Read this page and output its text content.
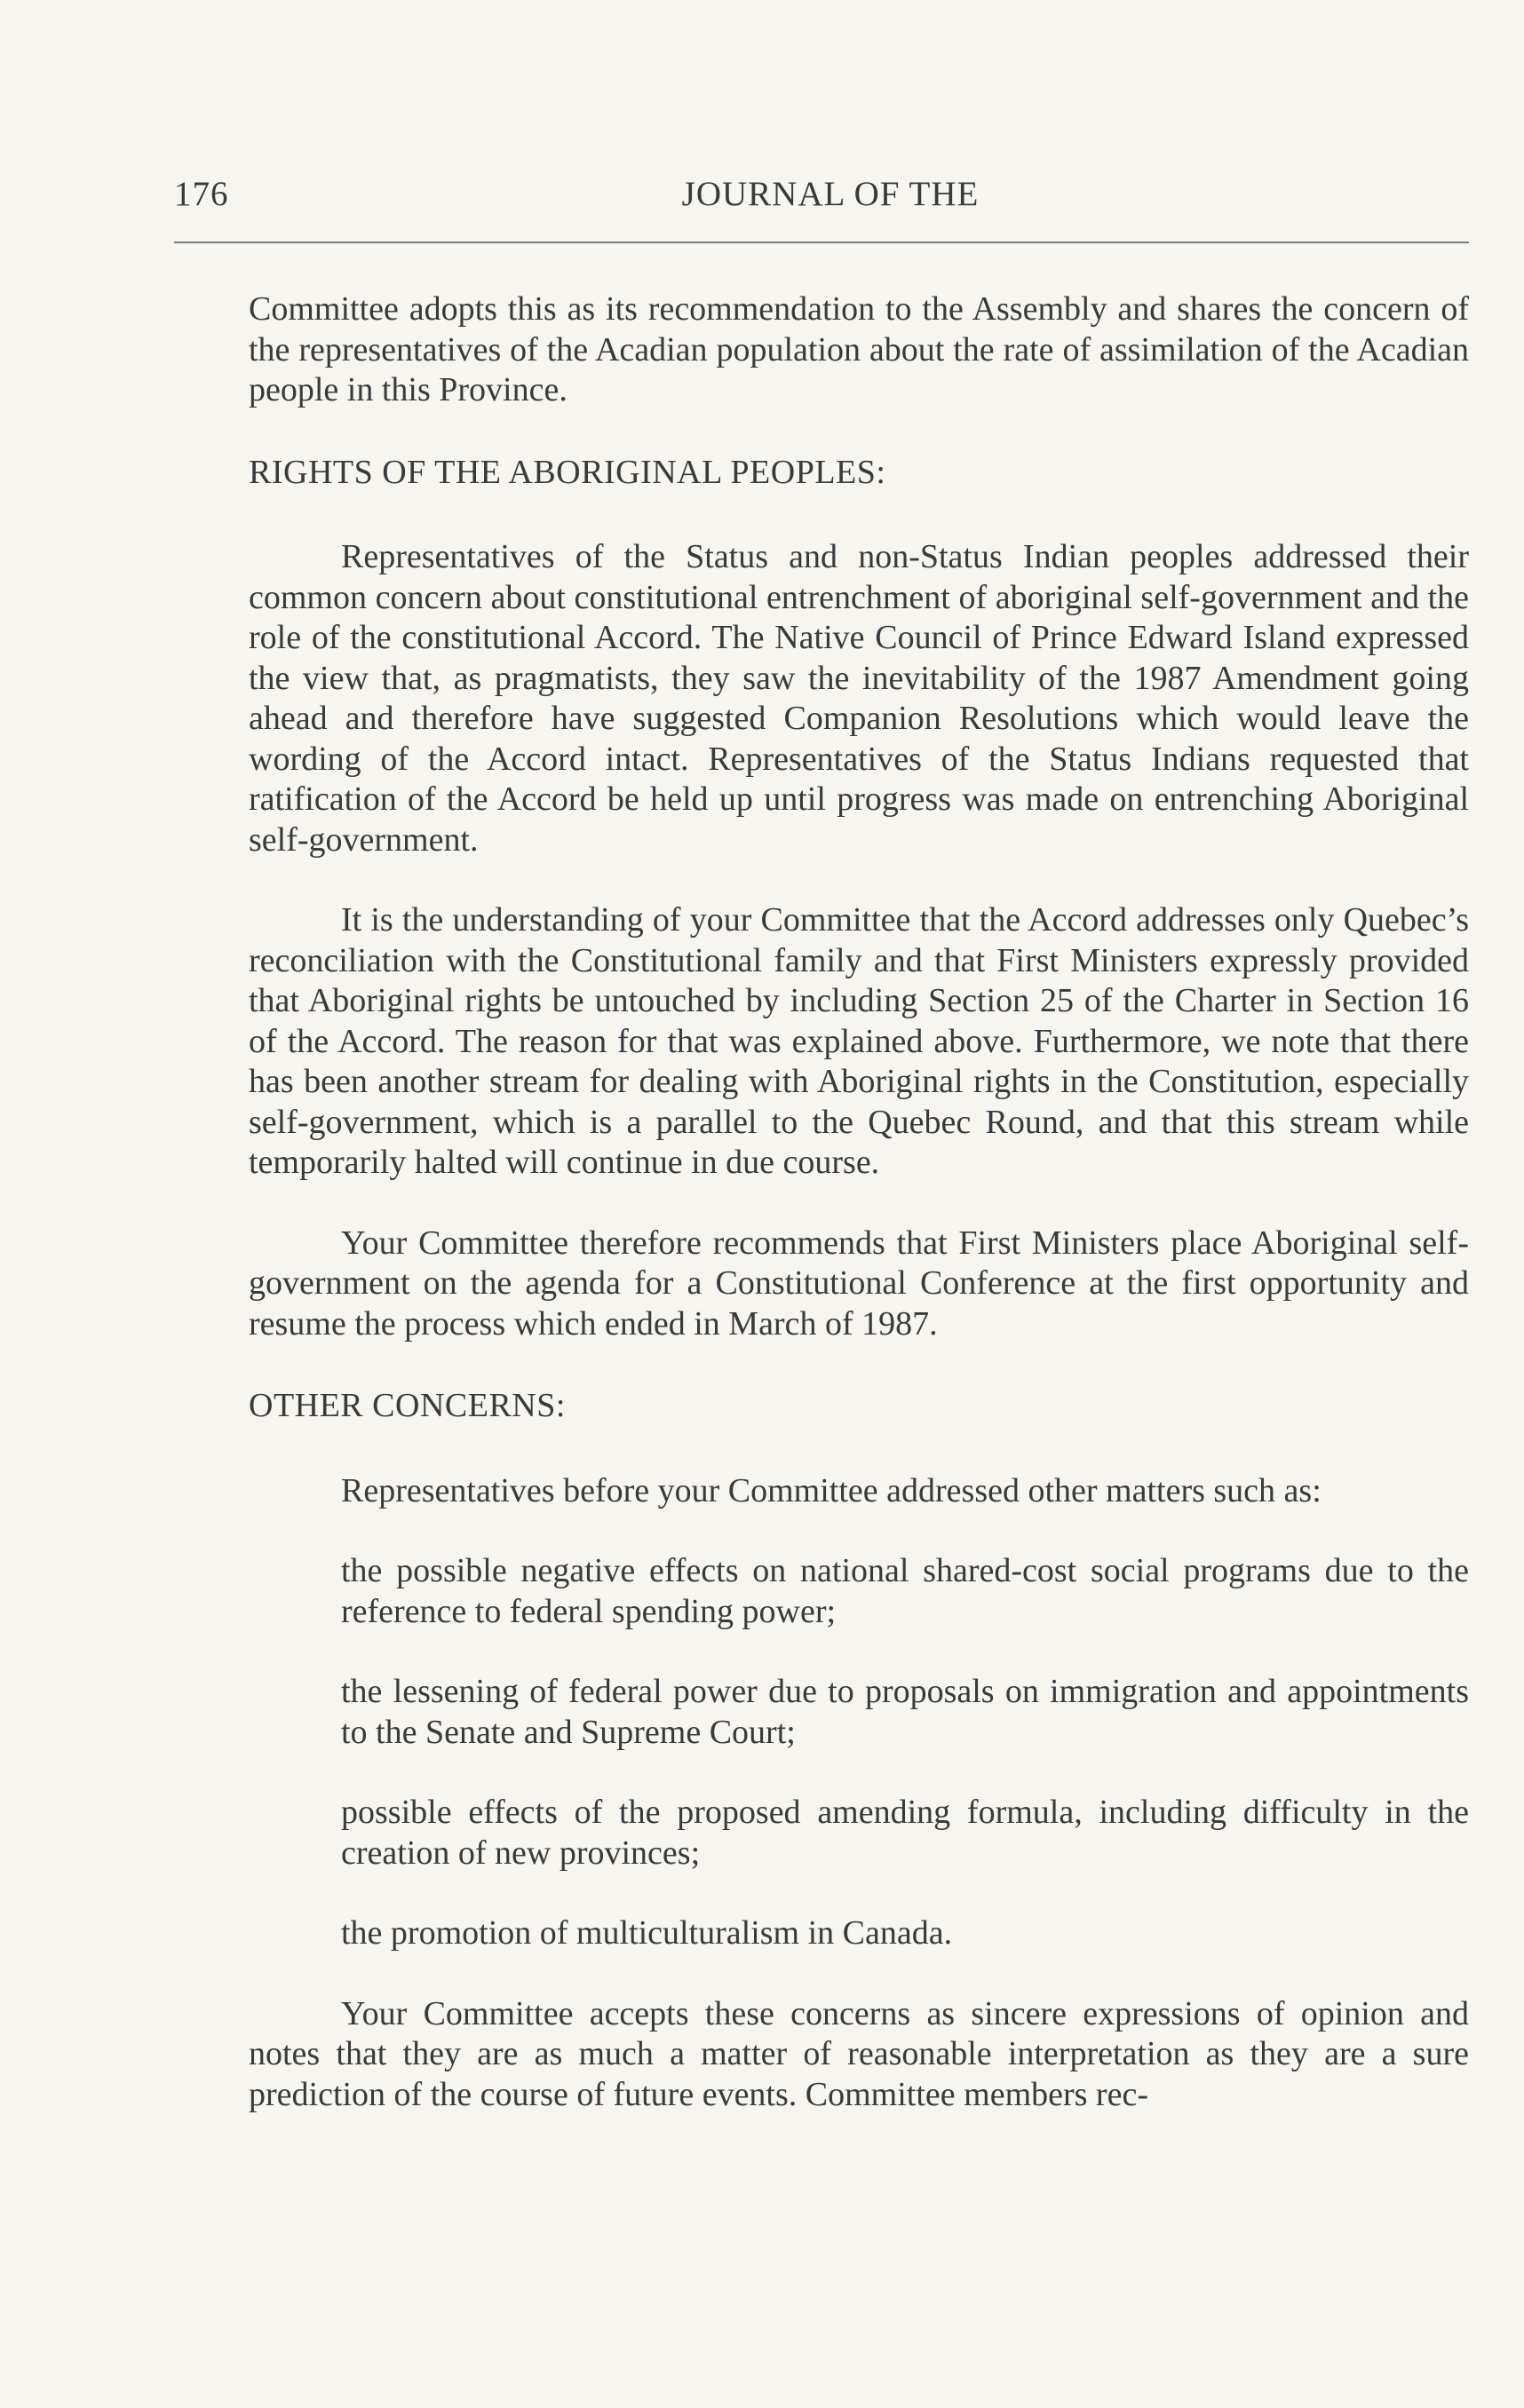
176	JOURNAL OF THE

Committee adopts this as its recommendation to the Assembly and shares the concern of the representatives of the Acadian population about the rate of assimilation of the Acadian people in this Province.

RIGHTS OF THE ABORIGINAL PEOPLES:

Representatives of the Status and non-Status Indian peoples addressed their common concern about constitutional entrenchment of aboriginal self-government and the role of the constitutional Accord. The Native Council of Prince Edward Island expressed the view that, as pragmatists, they saw the inevitability of the 1987 Amendment going ahead and therefore have suggested Companion Resolutions which would leave the wording of the Accord intact. Representatives of the Status Indians requested that ratification of the Accord be held up until progress was made on entrenching Aboriginal self-government.

It is the understanding of your Committee that the Accord addresses only Quebec’s reconciliation with the Constitutional family and that First Ministers expressly provided that Aboriginal rights be untouched by including Section 25 of the Charter in Section 16 of the Accord. The reason for that was explained above. Furthermore, we note that there has been another stream for dealing with Aboriginal rights in the Constitution, especially self-government, which is a parallel to the Quebec Round, and that this stream while temporarily halted will continue in due course.

Your Committee therefore recommends that First Ministers place Aboriginal self-government on the agenda for a Constitutional Conference at the first opportunity and resume the process which ended in March of 1987.

OTHER CONCERNS:

Representatives before your Committee addressed other matters such as:

the possible negative effects on national shared-cost social programs due to the reference to federal spending power;

the lessening of federal power due to proposals on immigration and appointments to the Senate and Supreme Court;

possible effects of the proposed amending formula, including difficulty in the creation of new provinces;

the promotion of multiculturalism in Canada.

Your Committee accepts these concerns as sincere expressions of opinion and notes that they are as much a matter of reasonable interpretation as they are a sure prediction of the course of future events. Committee members rec-
